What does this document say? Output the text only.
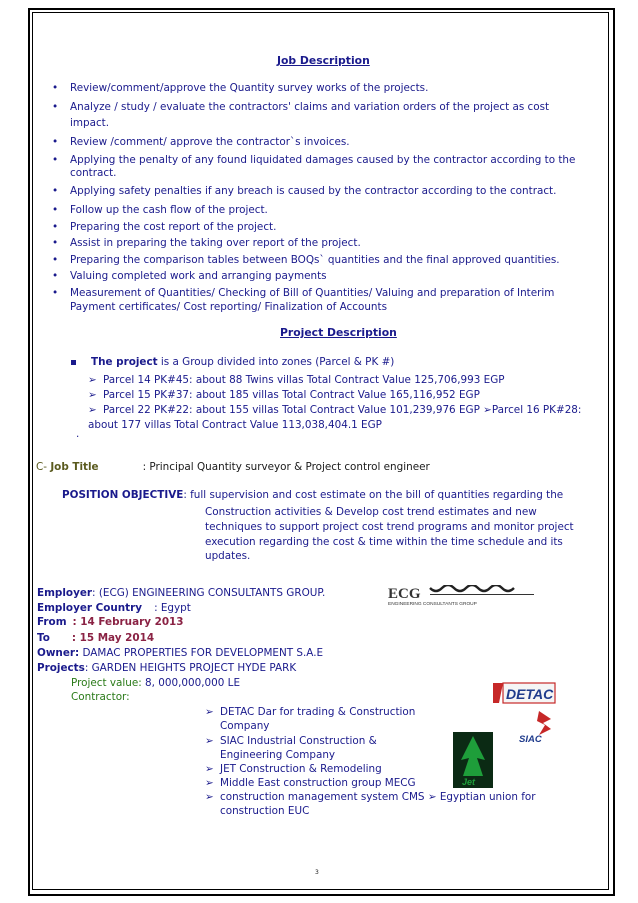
Job Description
• Review/comment/approve the Quantity survey works of the projects.
• Analyze / study / evaluate the contractors' claims and variation orders of the project as cost impact.
• Review /comment/ approve the contractor`s invoices.
• Applying the penalty of any found liquidated damages caused by the contractor according to the contract.
• Applying safety penalties if any breach is caused by the contractor according to the contract.
• Follow up the cash flow of the project.
• Preparing the cost report of the project.
• Assist in preparing the taking over report of the project.
• Preparing the comparison tables between BOQs` quantities and the final approved quantities.
• Valuing completed work and arranging payments
• Measurement of Quantities/ Checking of Bill of Quantities/ Valuing and preparation of Interim Payment certificates/ Cost reporting/ Finalization of Accounts
Project Description
The project is a Group divided into zones (Parcel & PK #)
➢ Parcel 14 PK#45: about 88 Twins villas Total Contract Value 125,706,993 EGP
➢ Parcel 15 PK#37: about 185 villas Total Contract Value 165,116,952 EGP
➢ Parcel 22 PK#22: about 155 villas Total Contract Value 101,239,976 EGP ➢Parcel 16 PK#28: about 177 villas Total Contract Value 113,038,404.1 EGP
.
C- Job Title	: Principal Quantity surveyor & Project control engineer
POSITION OBJECTIVE: full supervision and cost estimate on the bill of quantities regarding the
Construction activities & Develop cost trend estimates and new
techniques to support project cost trend programs and monitor project
execution regarding the cost & time within the time schedule and its
updates.
Employer: (ECG) ENGINEERING CONSULTANTS GROUP.
Employer Country : Egypt
From : 14 February 2013
To : 15 May 2014
Owner: DAMAC PROPERTIES FOR DEVELOPMENT S.A.E
Projects: GARDEN HEIGHTS PROJECT HYDE PARK
Project value: 8, 000,000,000 LE
Contractor:
➢ DETAC Dar for trading & Construction
Company
➢ SIAC Industrial Construction &
Engineering Company
➢ JET Construction & Remodeling
➢ Middle East construction group MECG
➢ construction management system CMS ➢ Egyptian union for
construction EUC
ECG
ENGINEERING CONSULTANTS GROUP
DETAC
SIAC
Jet
3
